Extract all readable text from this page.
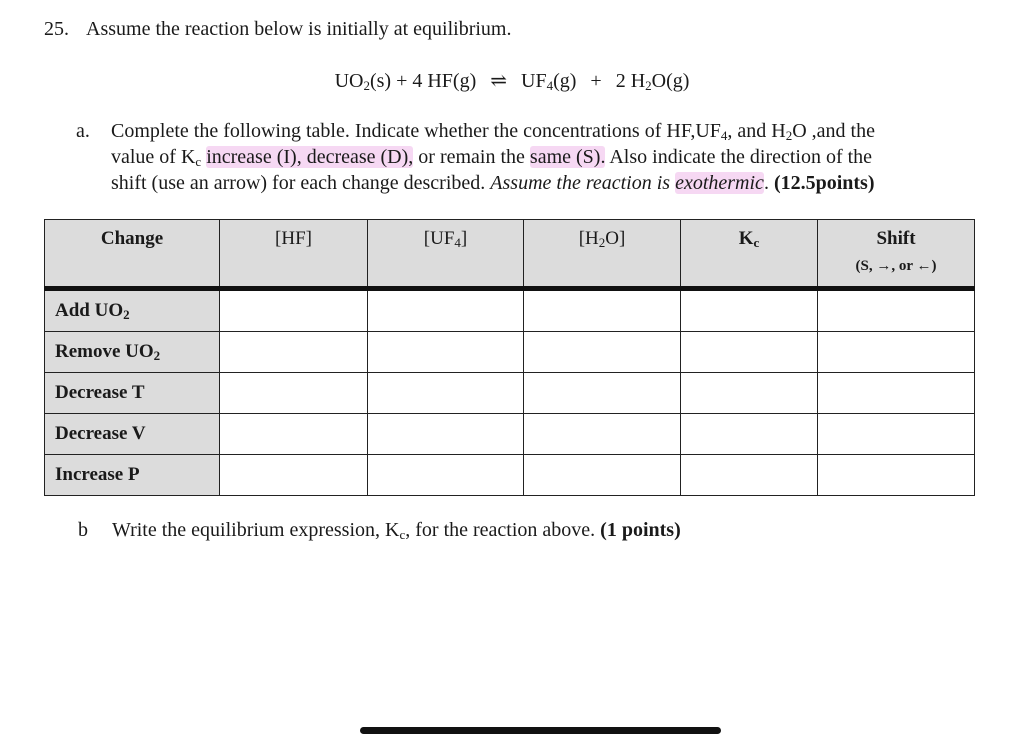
25. Assume the reaction below is initially at equilibrium.
$UO_2(s) + 4$ HF(g) ⇌ $UF_4(g) + 2$ $H_2O(g)$
a. Complete the following table. Indicate whether the concentrations of $HF,UF_4$, and $H_2O$ ,and the
value of $K_c$ increase (I), decrease (D), or remain the same (S). Also indicate the direction of the
shift (use an arrow) for each change described. Assume the reaction is exothermic. (12.5points)
Change	[HF]	$[UF_4]$	$[H_2O]$	$K_c$	Shift
(S, →, or ←)

Add $UO_2$					
Remove $UO_2$					
Decrease T					
Decrease V					
Increase P					
b Write the equilibrium expression, $K_c$, for the reaction above. (1 points)
